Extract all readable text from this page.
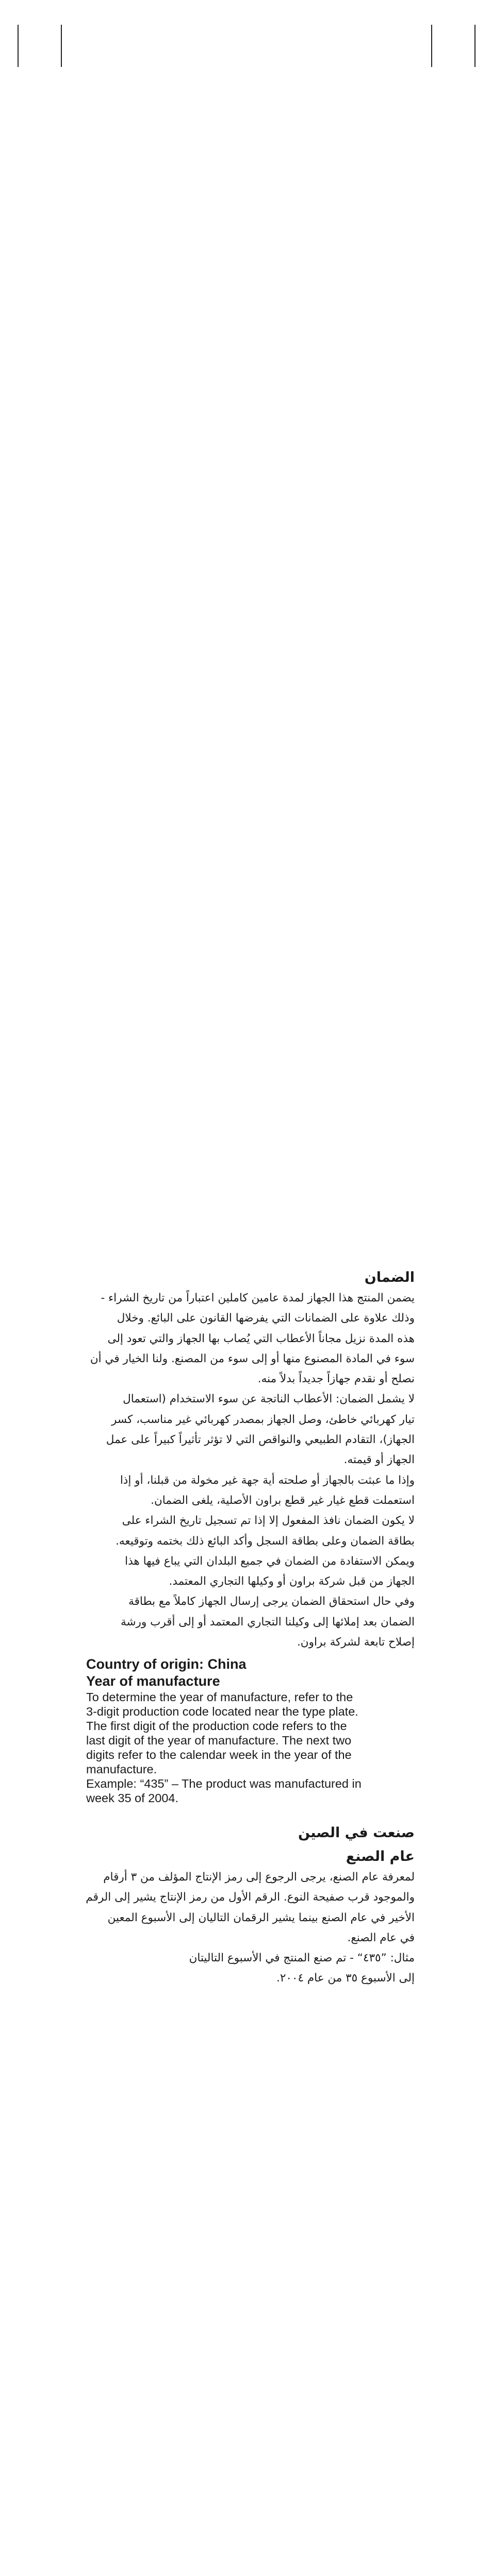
الضمان

يضمن المنتج هذا الجهاز لمدة عامين كاملين اعتباراً من تاريخ الشراء -

وذلك علاوة على الضمانات التي يفرضها القانون على البائع. وخلال

هذه المدة نزيل مجاناً الأعطاب التي يُصاب بها الجهاز والتي تعود إلى

سوء في المادة المصنوع منها أو إلى سوء من المصنع. ولنا الخيار في أن

نصلح أو نقدم جهازاً جديداً بدلاً منه.

لا يشمل الضمان: الأعطاب الناتجة عن سوء الاستخدام (استعمال

تيار كهربائي خاطئ، وصل الجهاز بمصدر كهربائي غير مناسب، كسر

الجهاز)، التقادم الطبيعي والنواقص التي لا تؤثر تأثيراً كبيراً على عمل

الجهاز أو قيمته.

وإذا ما عبثت بالجهاز أو صلحته أية جهة غير مخولة من قبلنا، أو إذا

استعملت قطع غيار غير قطع براون الأصلية، يلغى الضمان.

لا يكون الضمان نافذ المفعول إلا إذا تم تسجيل تاريخ الشراء على

بطاقة الضمان وعلى بطاقة السجل وأكد البائع ذلك بختمه وتوقيعه.

ويمكن الاستفادة من الضمان في جميع البلدان التي يباع فيها هذا

الجهاز من قبل شركة براون أو وكيلها التجاري المعتمد.

وفي حال استحقاق الضمان يرجى إرسال الجهاز كاملاً مع بطاقة

الضمان بعد إملائها إلى وكيلنا التجاري المعتمد أو إلى أقرب ورشة

إصلاح تابعة لشركة براون.

Country of origin: China
Year of manufacture

To determine the year of manufacture, refer to the

3-digit production code located near the type plate.

The first digit of the production code refers to the

last digit of the year of manufacture. The next two

digits refer to the calendar week in the year of the

manufacture.

Example: “435” – The product was manufactured in

week 35 of 2004.

صنعت في الصين
عام الصنع

لمعرفة عام الصنع، يرجى الرجوع إلى رمز الإنتاج المؤلف من ٣ أرقام

والموجود قرب صفيحة النوع. الرقم الأول من رمز الإنتاج يشير إلى الرقم

الأخير في عام الصنع بينما يشير الرقمان التاليان إلى الأسبوع المعين

في عام الصنع.

مثال: ”٤٣٥“ - تم صنع المنتج في الأسبوع التاليتان

إلى الأسبوع ٣٥ من عام ٢٠٠٤.
